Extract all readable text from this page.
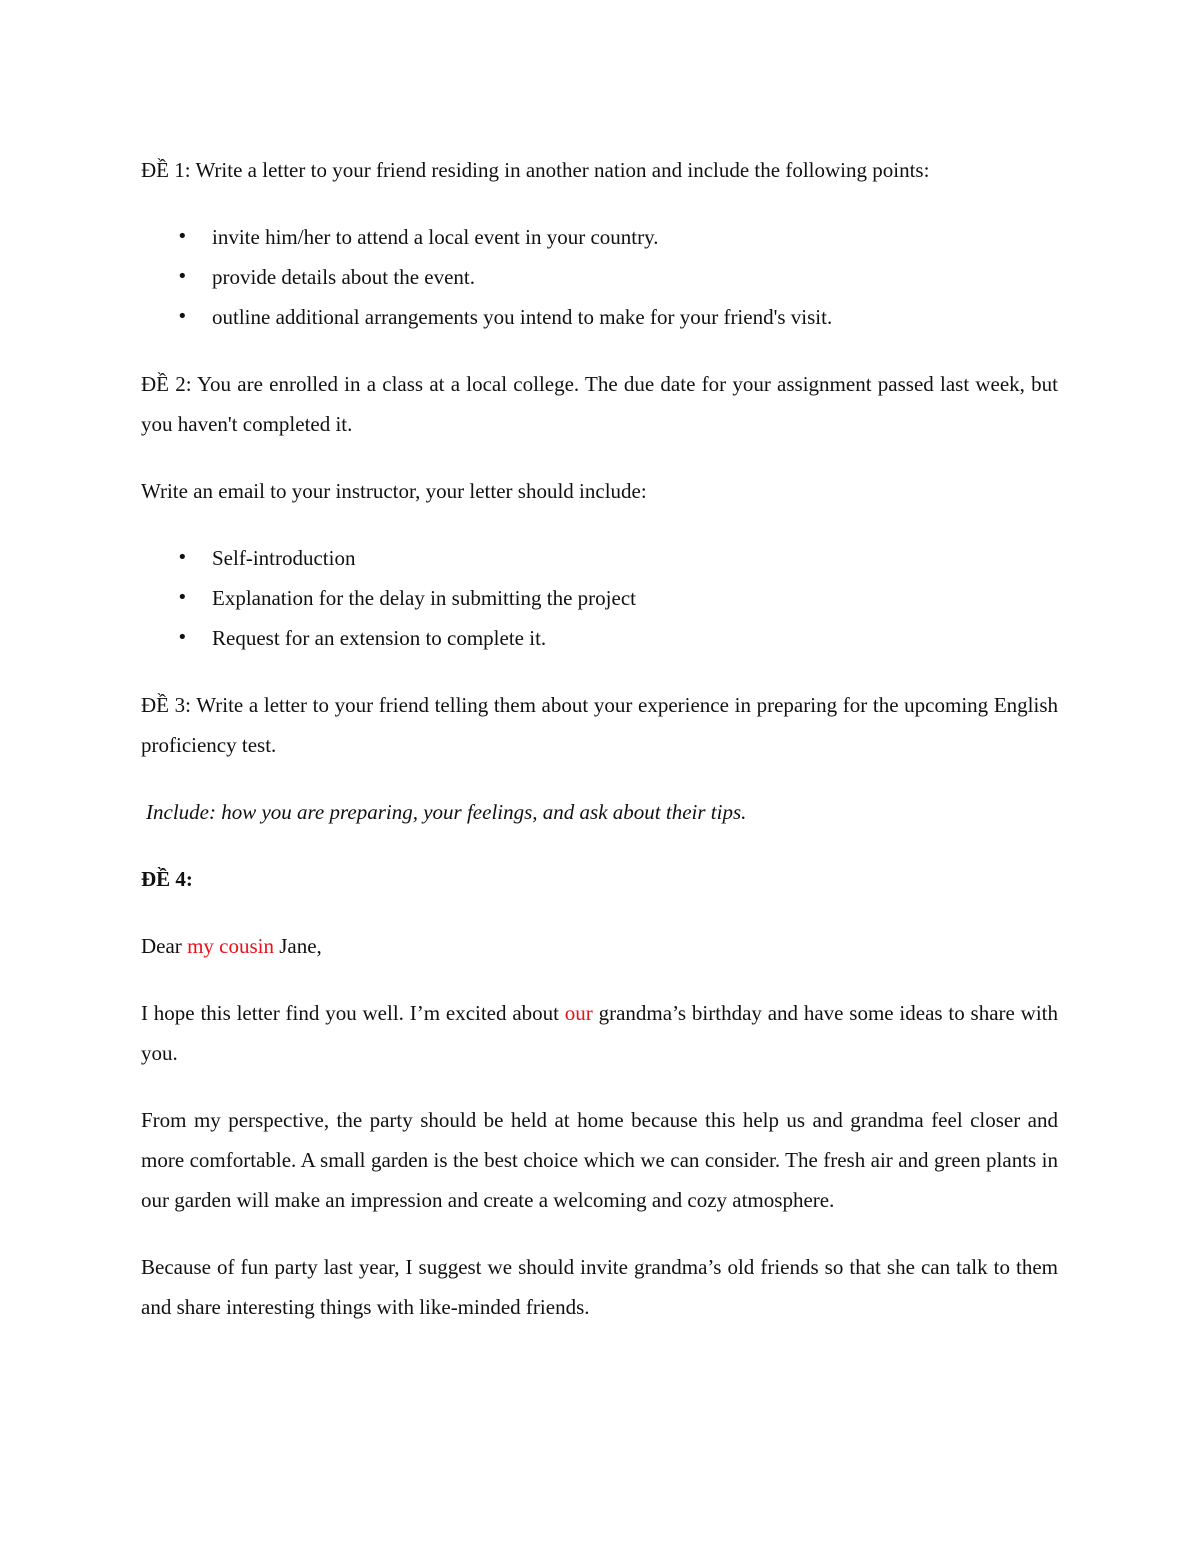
ĐỀ 1: Write a letter to your friend residing in another nation and include the following points:

• invite him/her to attend a local event in your country.
• provide details about the event.
• outline additional arrangements you intend to make for your friend's visit.

ĐỀ 2: You are enrolled in a class at a local college. The due date for your assignment passed last week, but you haven't completed it.

Write an email to your instructor, your letter should include:

• Self-introduction
• Explanation for the delay in submitting the project
• Request for an extension to complete it.

ĐỀ 3: Write a letter to your friend telling them about your experience in preparing for the upcoming English proficiency test.

Include: how you are preparing, your feelings, and ask about their tips.

ĐỀ 4:

Dear my cousin Jane,

I hope this letter find you well. I’m excited about our grandma’s birthday and have some ideas to share with you.

From my perspective, the party should be held at home because this help us and grandma feel closer and more comfortable. A small garden is the best choice which we can consider. The fresh air and green plants in our garden will make an impression and create a welcoming and cozy atmosphere.

Because of fun party last year, I suggest we should invite grandma’s old friends so that she can talk to them and share interesting things with like-minded friends.
